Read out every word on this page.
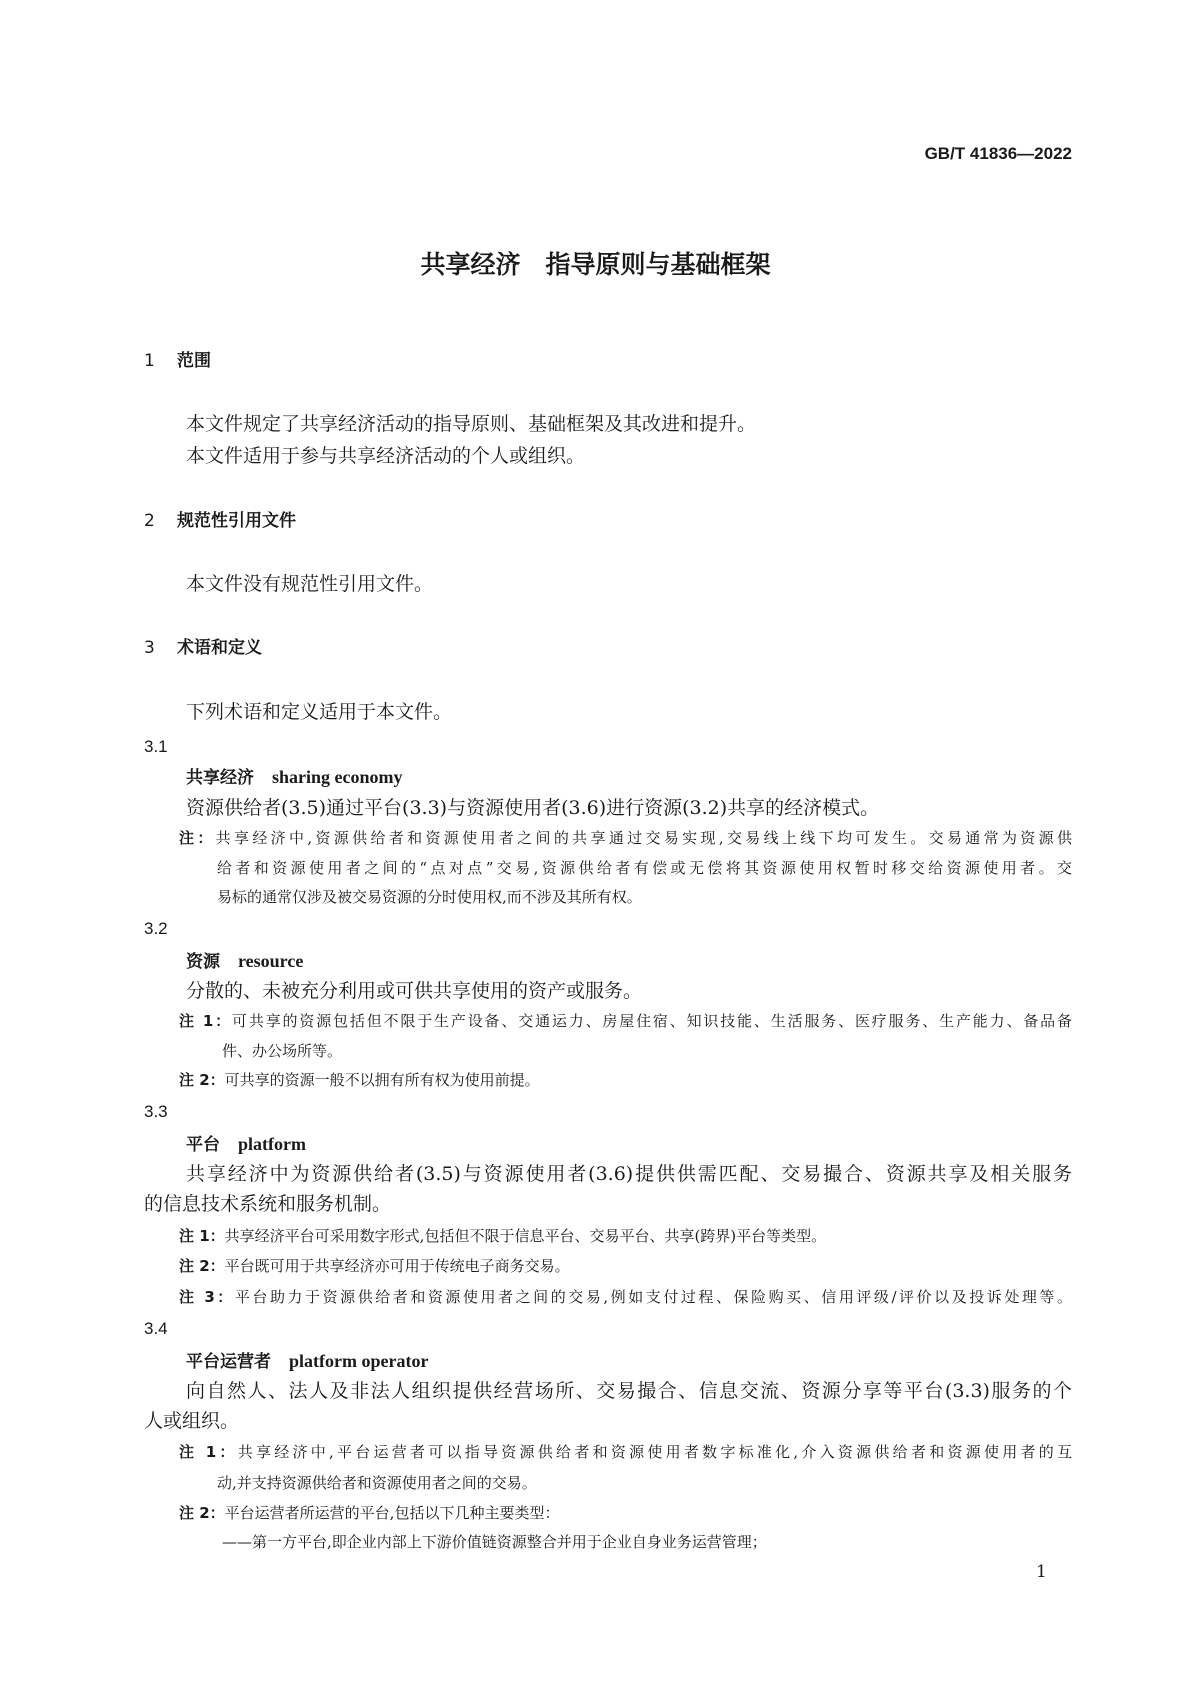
GB/T 41836—2022
共享经济　指导原则与基础框架
1 范围
本文件规定了共享经济活动的指导原则、基础框架及其改进和提升。
本文件适用于参与共享经济活动的个人或组织。
2 规范性引用文件
本文件没有规范性引用文件。
3 术语和定义
下列术语和定义适用于本文件。
3.1
共享经济 sharing economy
资源供给者(3.5)通过平台(3.3)与资源使用者(3.6)进行资源(3.2)共享的经济模式。
注：共享经济中,资源供给者和资源使用者之间的共享通过交易实现,交易线上线下均可发生。交易通常为资源供
给者和资源使用者之间的“点对点”交易,资源供给者有偿或无偿将其资源使用权暂时移交给资源使用者。交
易标的通常仅涉及被交易资源的分时使用权,而不涉及其所有权。
3.2
资源 resource
分散的、未被充分利用或可供共享使用的资产或服务。
注 1：可共享的资源包括但不限于生产设备、交通运力、房屋住宿、知识技能、生活服务、医疗服务、生产能力、备品备
件、办公场所等。
注 2：可共享的资源一般不以拥有所有权为使用前提。
3.3
平台 platform
共享经济中为资源供给者(3.5)与资源使用者(3.6)提供供需匹配、交易撮合、资源共享及相关服务
的信息技术系统和服务机制。
注 1：共享经济平台可采用数字形式,包括但不限于信息平台、交易平台、共享(跨界)平台等类型。
注 2：平台既可用于共享经济亦可用于传统电子商务交易。
注 3：平台助力于资源供给者和资源使用者之间的交易,例如支付过程、保险购买、信用评级/评价以及投诉处理等。
3.4
平台运营者 platform operator
向自然人、法人及非法人组织提供经营场所、交易撮合、信息交流、资源分享等平台(3.3)服务的个
人或组织。
注 1：共享经济中,平台运营者可以指导资源供给者和资源使用者数字标准化,介入资源供给者和资源使用者的互
动,并支持资源供给者和资源使用者之间的交易。
注 2：平台运营者所运营的平台,包括以下几种主要类型：
——第一方平台,即企业内部上下游价值链资源整合并用于企业自身业务运营管理；
1
